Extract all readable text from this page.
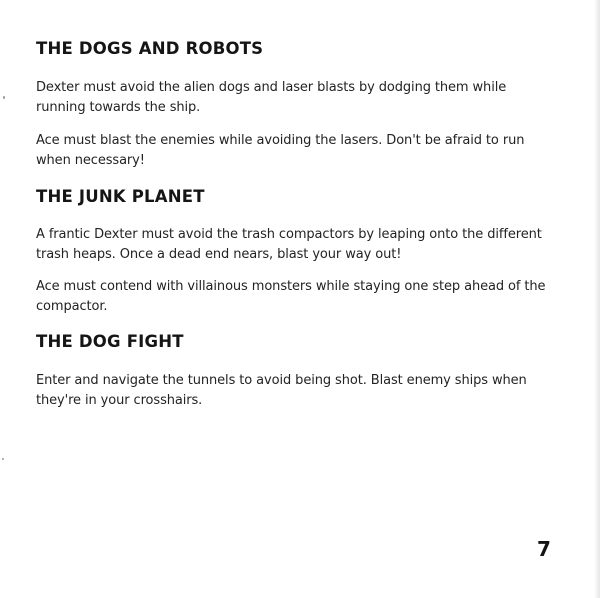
THE DOGS AND ROBOTS

Dexter must avoid the alien dogs and laser blasts by dodging them while running towards the ship.

Ace must blast the enemies while avoiding the lasers. Don't be afraid to run when necessary!

THE JUNK PLANET

A frantic Dexter must avoid the trash compactors by leaping onto the different trash heaps. Once a dead end nears, blast your way out!

Ace must contend with villainous monsters while staying one step ahead of the compactor.

THE DOG FIGHT

Enter and navigate the tunnels to avoid being shot. Blast enemy ships when they're in your crosshairs.

7
